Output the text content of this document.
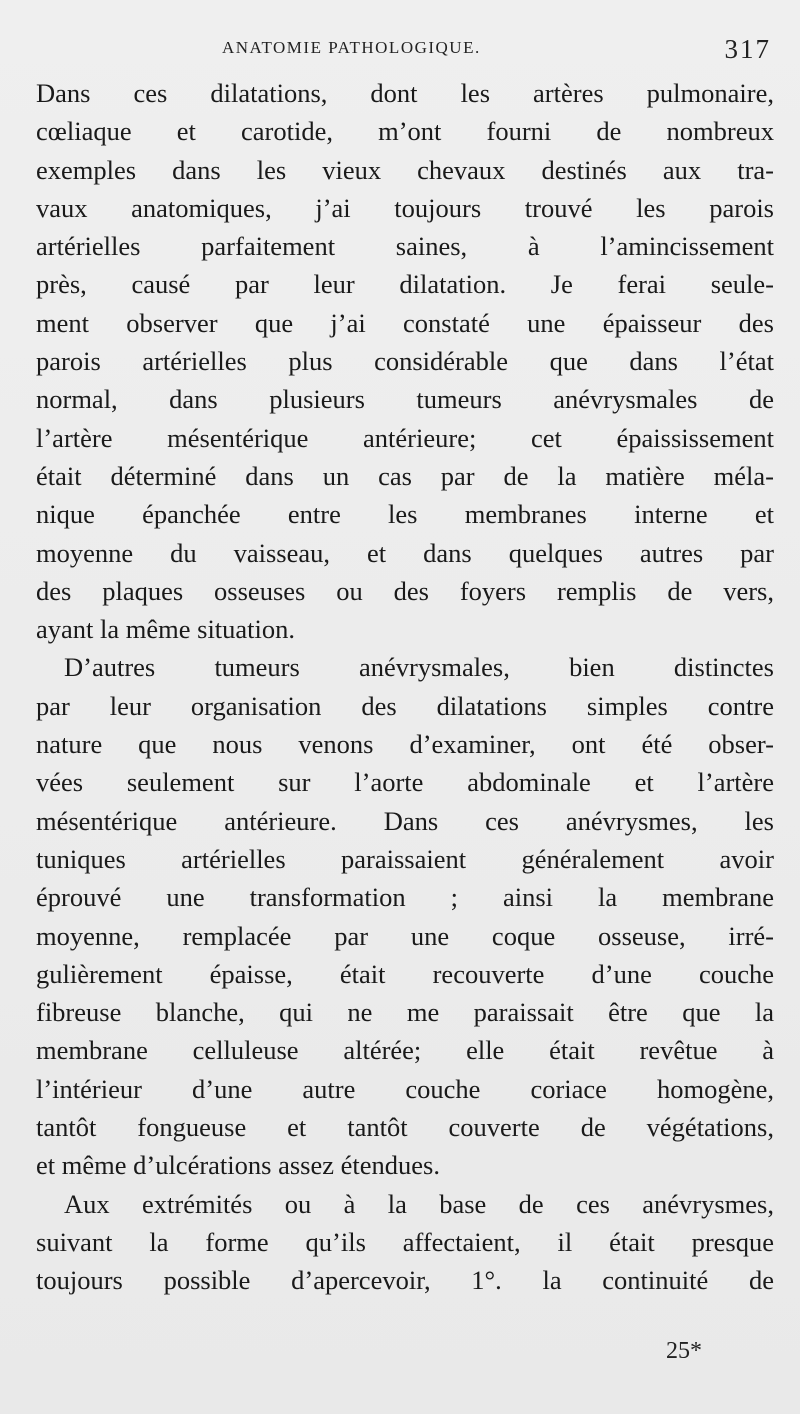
ANATOMIE PATHOLOGIQUE.	317
Dans ces dilatations, dont les artères pulmonaire,
cœliaque et carotide, m’ont fourni de nombreux
exemples dans les vieux chevaux destinés aux tra-
vaux anatomiques, j’ai toujours trouvé les parois
artérielles parfaitement saines, à l’amincissement
près, causé par leur dilatation. Je ferai seule-
ment observer que j’ai constaté une épaisseur des
parois artérielles plus considérable que dans l’état
normal, dans plusieurs tumeurs anévrysmales de
l’artère mésentérique antérieure; cet épaississement
était déterminé dans un cas par de la matière méla-
nique épanchée entre les membranes interne et
moyenne du vaisseau, et dans quelques autres par
des plaques osseuses ou des foyers remplis de vers,
ayant la même situation.
D’autres tumeurs anévrysmales, bien distinctes
par leur organisation des dilatations simples contre
nature que nous venons d’examiner, ont été obser-
vées seulement sur l’aorte abdominale et l’artère
mésentérique antérieure. Dans ces anévrysmes, les
tuniques artérielles paraissaient généralement avoir
éprouvé une transformation ; ainsi la membrane
moyenne, remplacée par une coque osseuse, irré-
gulièrement épaisse, était recouverte d’une couche
fibreuse blanche, qui ne me paraissait être que la
membrane celluleuse altérée; elle était revêtue à
l’intérieur d’une autre couche coriace homogène,
tantôt fongueuse et tantôt couverte de végétations,
et même d’ulcérations assez étendues.
Aux extrémités ou à la base de ces anévrysmes,
suivant la forme qu’ils affectaient, il était presque
toujours possible d’apercevoir, 1°. la continuité de
25*
